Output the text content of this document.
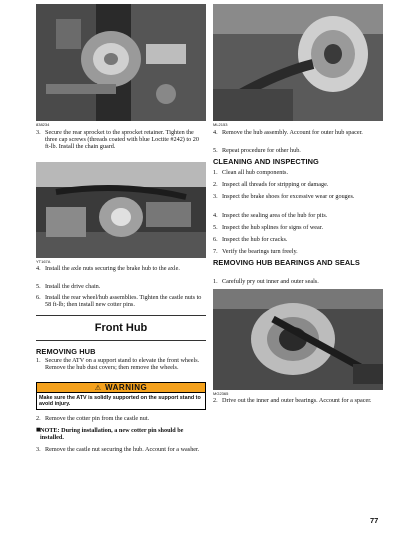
838234
3. Secure the rear sprocket to the sprocket retainer. Tighten the three cap screws (threads coated with blue Loctite #242) to 20 ft-lb. Install the chain guard.
YT167A
4. Install the axle nuts securing the brake hub to the axle.
5. Install the drive chain.
6. Install the rear wheel/hub assemblies. Tighten the castle nuts to 58 ft-lb; then install new cotter pins.
Front Hub
REMOVING HUB
1. Secure the ATV on a support stand to elevate the front wheels. Remove the hub dust covers; then remove the wheels.
⚠ WARNING
Make sure the ATV is solidly supported on the support stand to avoid injury.
2. Remove the cotter pin from the castle nut.
■ NOTE: During installation, a new cotter pin should be installed.
3. Remove the castle nut securing the hub. Account for a washer.
ML2153
4. Remove the hub assembly. Account for outer hub spacer.
5. Repeat procedure for other hub.
CLEANING AND INSPECTING
1. Clean all hub components.
2. Inspect all threads for stripping or damage.
3. Inspect the brake shoes for excessive wear or gouges.
4. Inspect the sealing area of the hub for pits.
5. Inspect the hub splines for signs of wear.
6. Inspect the hub for cracks.
7. Verify the bearings turn freely.
REMOVING HUB BEARINGS AND SEALS
1. Carefully pry out inner and outer seals.
MG2365
2. Drive out the inner and outer bearings. Account for a spacer.
77
